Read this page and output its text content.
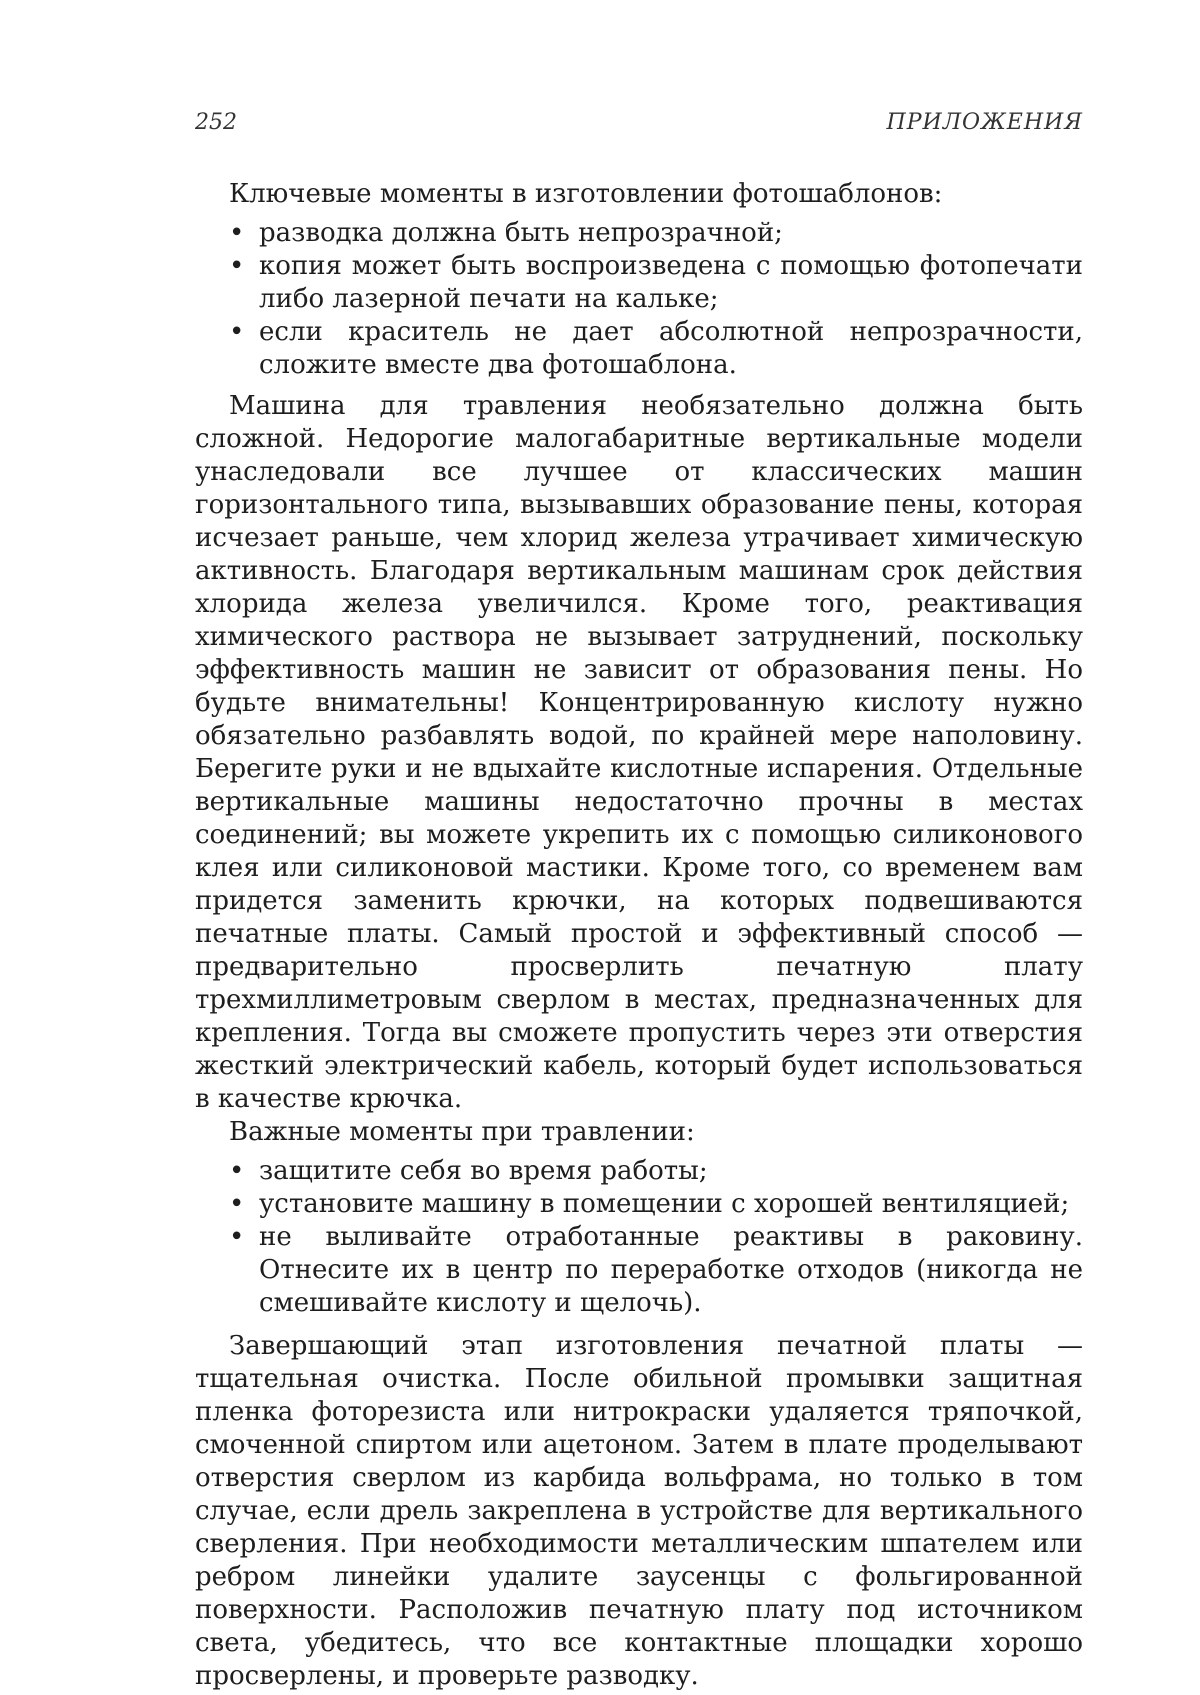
252	ПРИЛОЖЕНИЯ

Ключевые моменты в изготовлении фотошаблонов:

• разводка должна быть непрозрачной;
• копия может быть воспроизведена с помощью фотопечати либо лазерной печати на кальке;
• если краситель не дает абсолютной непрозрачности, сложите вместе два фотошаблона.

Машина для травления необязательно должна быть сложной. Недорогие малогабаритные вертикальные модели унаследовали все лучшее от классических машин горизонтального типа, вызывавших образование пены, которая исчезает раньше, чем хлорид железа утрачивает химическую активность. Благодаря вертикальным машинам срок действия хлорида железа увеличился. Кроме того, реактивация химического раствора не вызывает затруднений, поскольку эффективность машин не зависит от образования пены. Но будьте внимательны! Концентрированную кислоту нужно обязательно разбавлять водой, по крайней мере наполовину. Берегите руки и не вдыхайте кислотные испарения. Отдельные вертикальные машины недостаточно прочны в местах соединений; вы можете укрепить их с помощью силиконового клея или силиконовой мастики. Кроме того, со временем вам придется заменить крючки, на которых подвешиваются печатные платы. Самый простой и эффективный способ — предварительно просверлить печатную плату трехмиллиметровым сверлом в местах, предназначенных для крепления. Тогда вы сможете пропустить через эти отверстия жесткий электрический кабель, который будет использоваться в качестве крючка.

Важные моменты при травлении:

• защитите себя во время работы;
• установите машину в помещении с хорошей вентиляцией;
• не выливайте отработанные реактивы в раковину. Отнесите их в центр по переработке отходов (никогда не смешивайте кислоту и щелочь).

Завершающий этап изготовления печатной платы — тщательная очистка. После обильной промывки защитная пленка фоторезиста или нитрокраски удаляется тряпочкой, смоченной спиртом или ацетоном. Затем в плате проделывают отверстия сверлом из карбида вольфрама, но только в том случае, если дрель закреплена в устройстве для вертикального сверления. При необходимости металлическим шпателем или ребром линейки удалите заусенцы с фольгированной поверхности. Расположив печатную плату под источником света, убедитесь, что все контактные площадки хорошо просверлены, и проверьте разводку.
